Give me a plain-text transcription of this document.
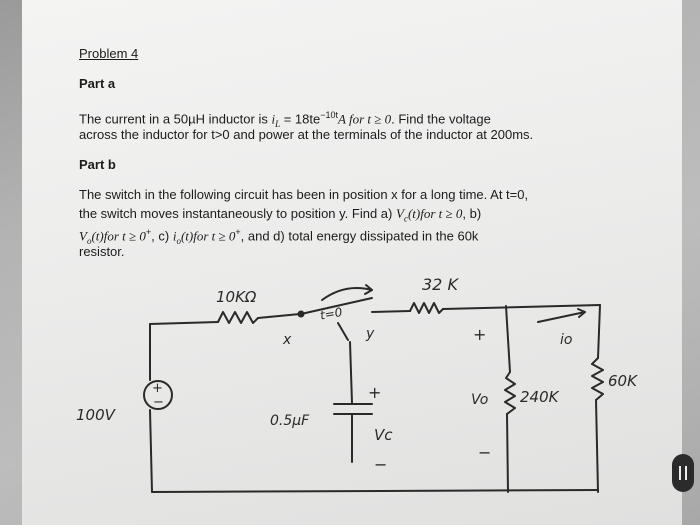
Problem 4
Part a
The current in a 50µH inductor is $i_L = 18te^{-10t}A$ for t ≥ 0. Find the voltage
across the inductor for t>0 and power at the terminals of the inductor at 200ms.
Part b
The switch in the following circuit has been in position x for a long time. At t=0,
the switch moves instantaneously to position y. Find a) $V_c(t)for$ t ≥ 0, b)
$V_o(t)for$ t ≥ 0+, c) $i_o(t)for$ t ≥ 0+, and d) total energy dissipated in the 60k
resistor.
10KΩ
t=0
x	y
32 K
+	io
100V
+
−
0.5μF
+
Vc
−
Vo 240K
−
60K
